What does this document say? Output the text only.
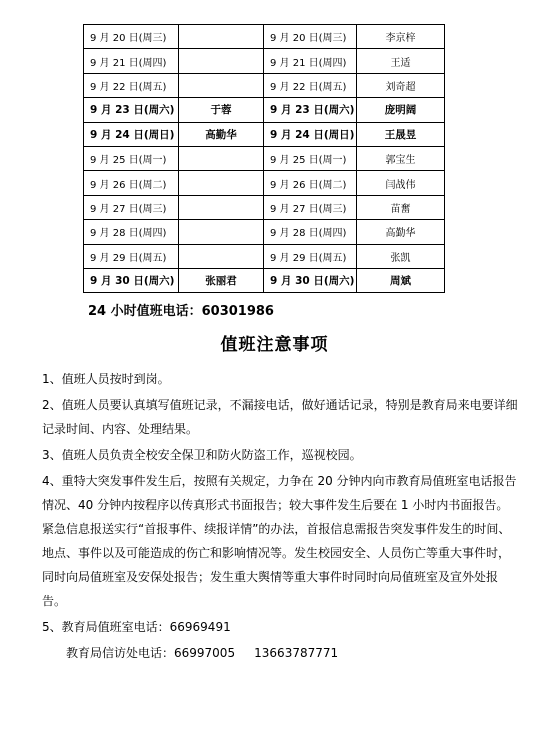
9 月 20 日(周三)		9 月 20 日(周三)	李京梓
9 月 21 日(周四)		9 月 21 日(周四)	王适
9 月 22 日(周五)		9 月 22 日(周五)	刘奇超
9 月 23 日(周六)	于蓉	9 月 23 日(周六)	庞明阔
9 月 24 日(周日)	高勤华	9 月 24 日(周日)	王晟昱
9 月 25 日(周一)		9 月 25 日(周一)	郭宝生
9 月 26 日(周二)		9 月 26 日(周二)	闫战伟
9 月 27 日(周三)		9 月 27 日(周三)	苗奮
9 月 28 日(周四)		9 月 28 日(周四)	高勤华
9 月 29 日(周五)		9 月 29 日(周五)	张凯
9 月 30 日(周六)	张丽君	9 月 30 日(周六)	周斌
24 小时值班电话：60301986
值班注意事项

1、值班人员按时到岗。

2、值班人员要认真填写值班记录，不漏接电话，做好通话记录，特别是教育局来电要详细记录时间、内容、处理结果。

3、值班人员负责全校安全保卫和防火防盗工作，巡视校园。

4、重特大突发事件发生后，按照有关规定，力争在 20 分钟内向市教育局值班室电话报告情况、40 分钟内按程序以传真形式书面报告；较大事件发生后要在 1 小时内书面报告。紧急信息报送实行“首报事件、续报详情”的办法，首报信息需报告突发事件发生的时间、地点、事件以及可能造成的伤亡和影响情况等。发生校园安全、人员伤亡等重大事件时，同时向局值班室及安保处报告；发生重大舆情等重大事件时同时向局值班室及宣外处报告。

5、教育局值班室电话：66969491

教育局信访处电话：66997005     13663787771
